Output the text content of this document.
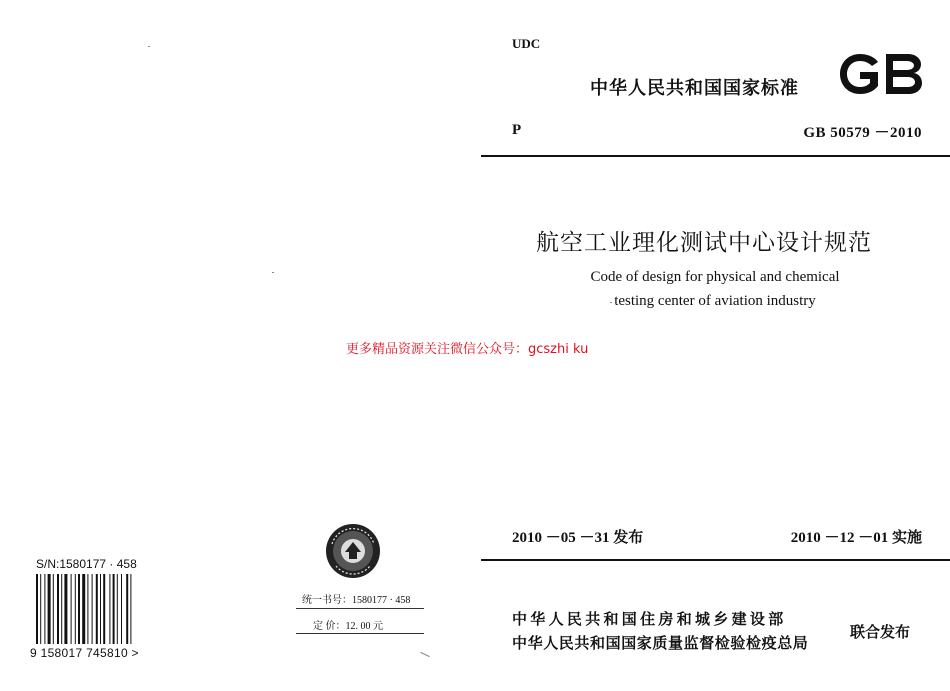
UDC
中华人民共和国国家标准
P	GB 50579 －2010
航空工业理化测试中心设计规范
Code of design for physical and chemical
testing center of aviation industry
更多精品资源关注微信公众号：gcszhi ku
2010 －05 －31 发布	2010 －12 －01 实施
中华人民共和国住房和城乡建设部
中华人民共和国国家质量监督检验检疫总局
联合发布
统一书号：1580177 · 458
定 价：12. 00 元
S/N:1580177 · 458
9 158017 745810 >
